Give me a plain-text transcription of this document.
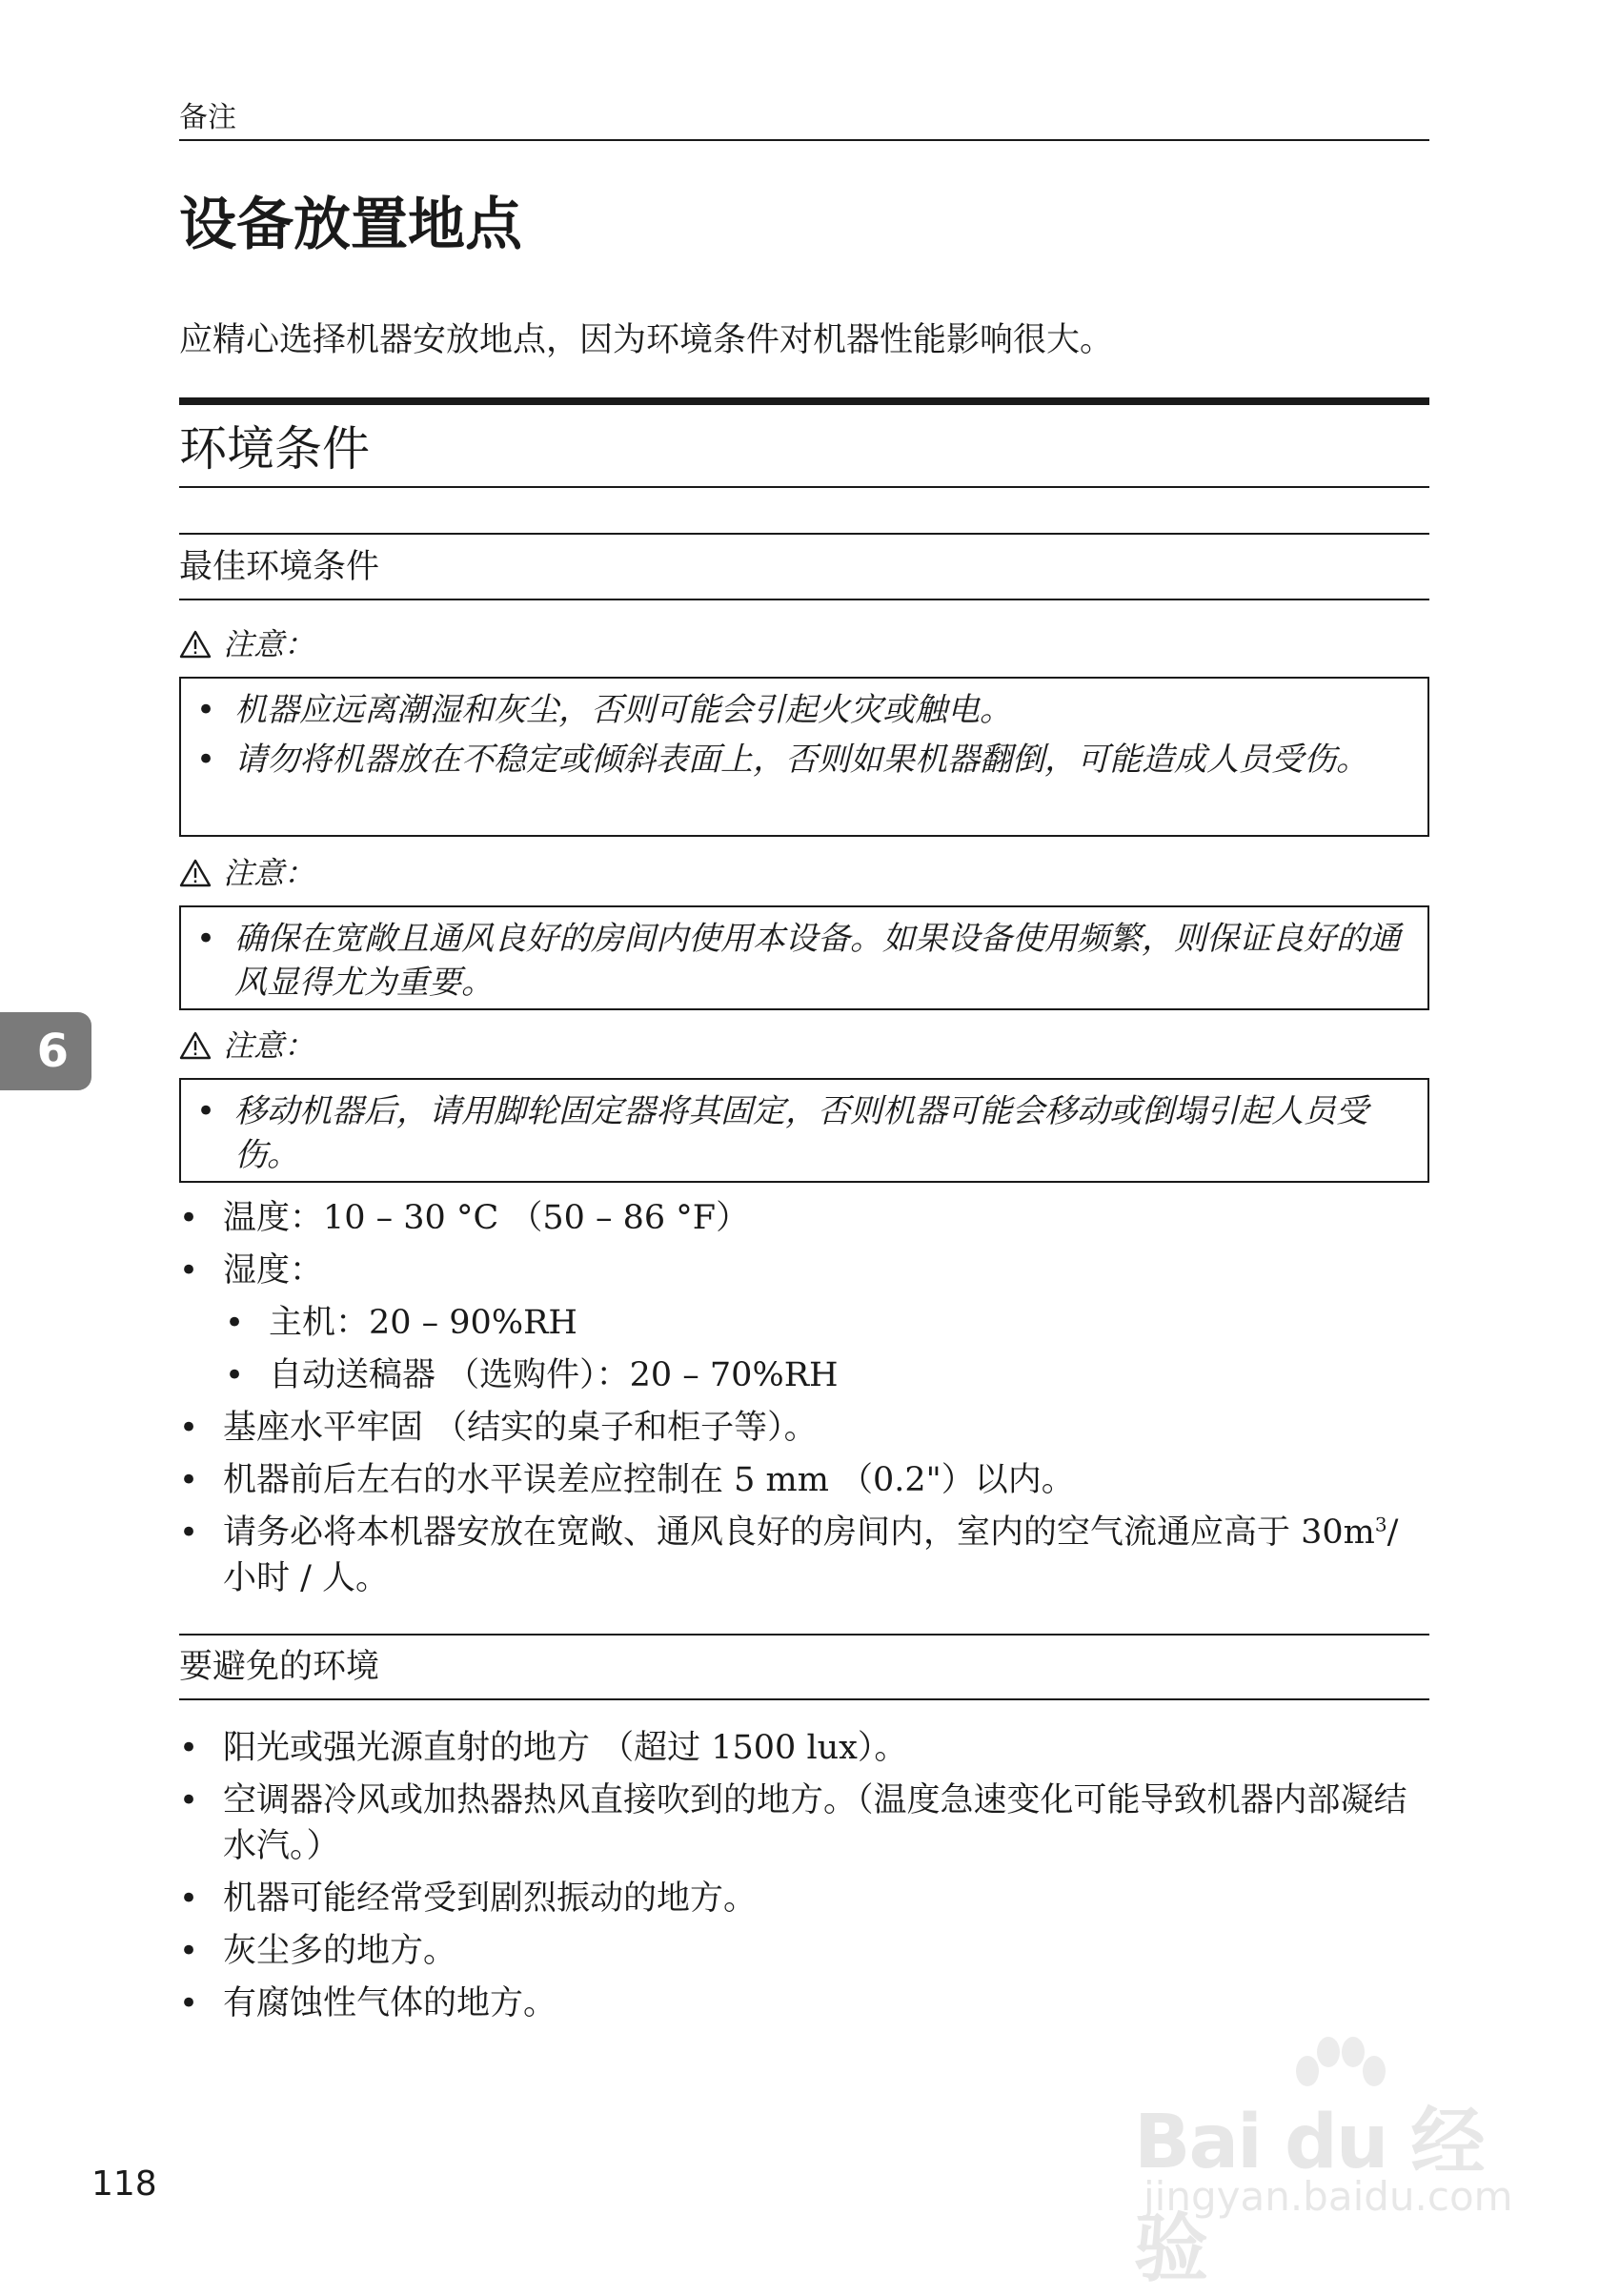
备注
设备放置地点
应精心选择机器安放地点，因为环境条件对机器性能影响很大。
环境条件
最佳环境条件
注意：
• 机器应远离潮湿和灰尘，否则可能会引起火灾或触电。
• 请勿将机器放在不稳定或倾斜表面上，否则如果机器翻倒，可能造成人员受伤。
注意：
• 确保在宽敞且通风良好的房间内使用本设备。如果设备使用频繁，则保证良好的通风显得尤为重要。
注意：
• 移动机器后，请用脚轮固定器将其固定，否则机器可能会移动或倒塌引起人员受伤。
• 温度：10 – 30 °C （50 – 86 °F）
• 湿度：
• 主机：20 – 90%RH
• 自动送稿器 （选购件）：20 – 70%RH
• 基座水平牢固 （结实的桌子和柜子等）。
• 机器前后左右的水平误差应控制在 5 mm （0.2"）以内。
• 请务必将本机器安放在宽敞、通风良好的房间内，室内的空气流通应高于 $30m^3/$ 小时 / 人。
要避免的环境
• 阳光或强光源直射的地方 （超过 1500 lux）。
• 空调器冷风或加热器热风直接吹到的地方。（温度急速变化可能导致机器内部凝结水汽。）
• 机器可能经常受到剧烈振动的地方。
• 灰尘多的地方。
• 有腐蚀性气体的地方。
6
118	Bai du 经验
jingyan.baidu.com
